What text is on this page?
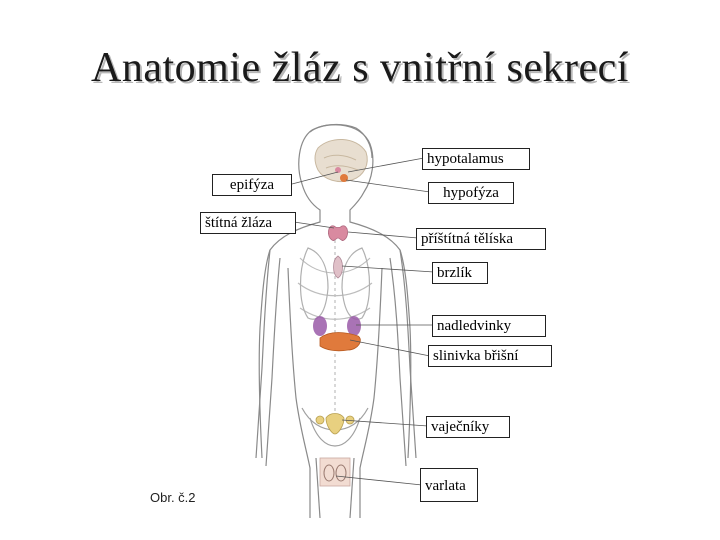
Anatomie žláz s vnitřní sekrecí
hypotalamus
epifýza	hypofýza
štítná žláza
příštítná tělíska
brzlík
nadledvinky
slinivka břišní
vaječníky
varlata
Obr. č.2
